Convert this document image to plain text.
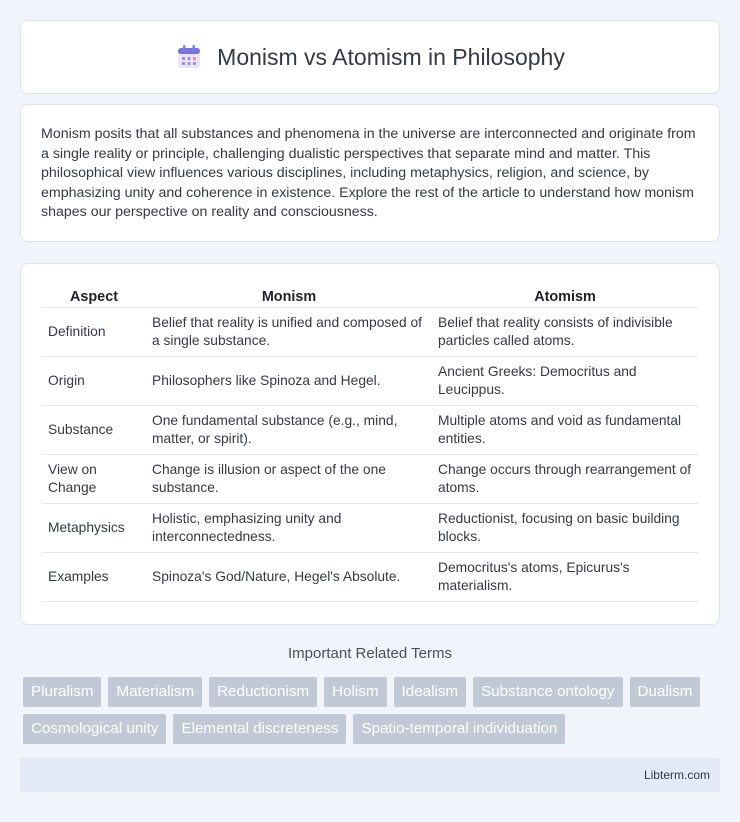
Monism vs Atomism in Philosophy

Monism posits that all substances and phenomena in the universe are interconnected and originate from a single reality or principle, challenging dualistic perspectives that separate mind and matter. This philosophical view influences various disciplines, including metaphysics, religion, and science, by emphasizing unity and coherence in existence. Explore the rest of the article to understand how monism shapes our perspective on reality and consciousness.

Aspect	Monism	Atomism
Definition	Belief that reality is unified and composed of a single substance.	Belief that reality consists of indivisible particles called atoms.
Origin	Philosophers like Spinoza and Hegel.	Ancient Greeks: Democritus and Leucippus.
Substance	One fundamental substance (e.g., mind, matter, or spirit).	Multiple atoms and void as fundamental entities.
View on Change	Change is illusion or aspect of the one substance.	Change occurs through rearrangement of atoms.
Metaphysics	Holistic, emphasizing unity and interconnectedness.	Reductionist, focusing on basic building blocks.
Examples	Spinoza's God/Nature, Hegel's Absolute.	Democritus's atoms, Epicurus's materialism.
Important Related Terms
Pluralism	Materialism	Reductionism	Holism	Idealism	Substance ontology	Dualism
Cosmological unity	Elemental discreteness	Spatio-temporal individuation
Libterm.com
